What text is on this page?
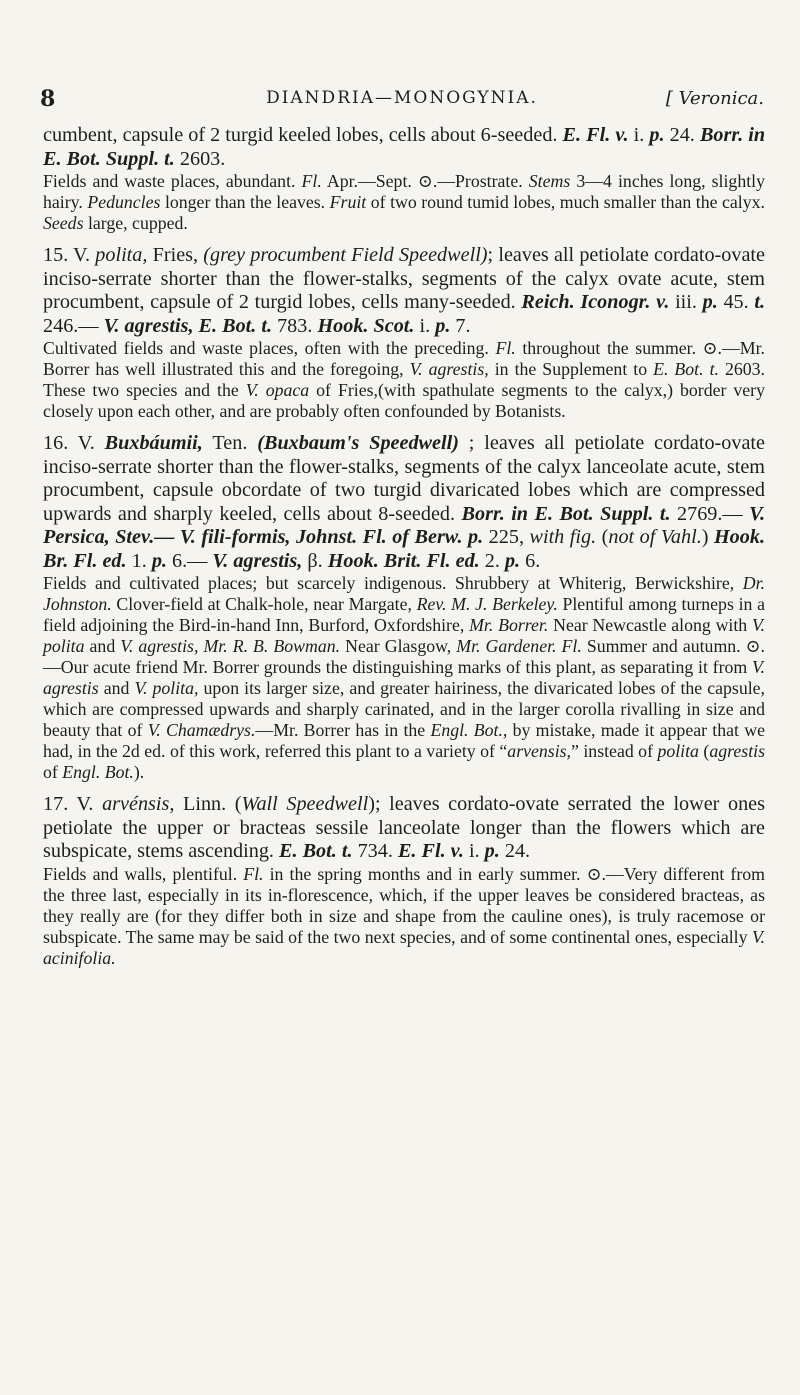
8	DIANDRIA—MONOGYNIA.	[ Veronica.

cumbent, capsule of 2 turgid keeled lobes, cells about 6-seeded. E. Fl. v. i. p. 24. Borr. in E. Bot. Suppl. t. 2603.

Fields and waste places, abundant. Fl. Apr.—Sept. ⊙.—Prostrate. Stems 3—4 inches long, slightly hairy. Peduncles longer than the leaves. Fruit of two round tumid lobes, much smaller than the calyx. Seeds large, cupped.

15. V. polita, Fries, (grey procumbent Field Speedwell); leaves all petiolate cordato-ovate inciso-serrate shorter than the flower-stalks, segments of the calyx ovate acute, stem procumbent, capsule of 2 turgid lobes, cells many-seeded. Reich. Iconogr. v. iii. p. 45. t. 246.— V. agrestis, E. Bot. t. 783. Hook. Scot. i. p. 7.

Cultivated fields and waste places, often with the preceding. Fl. throughout the summer. ⊙.—Mr. Borrer has well illustrated this and the foregoing, V. agrestis, in the Supplement to E. Bot. t. 2603. These two species and the V. opaca of Fries,(with spathulate segments to the calyx,) border very closely upon each other, and are probably often confounded by Botanists.

16. V. Buxbáumii, Ten. (Buxbaum's Speedwell) ; leaves all petiolate cordato-ovate inciso-serrate shorter than the flower-stalks, segments of the calyx lanceolate acute, stem procumbent, capsule obcordate of two turgid divaricated lobes which are compressed upwards and sharply keeled, cells about 8-seeded. Borr. in E. Bot. Suppl. t. 2769.— V. Persica, Stev.— V. fili-formis, Johnst. Fl. of Berw. p. 225, with fig. (not of Vahl.) Hook. Br. Fl. ed. 1. p. 6.— V. agrestis, β. Hook. Brit. Fl. ed. 2. p. 6.

Fields and cultivated places; but scarcely indigenous. Shrubbery at Whiterig, Berwickshire, Dr. Johnston. Clover-field at Chalk-hole, near Margate, Rev. M. J. Berkeley. Plentiful among turneps in a field adjoining the Bird-in-hand Inn, Burford, Oxfordshire, Mr. Borrer. Near Newcastle along with V. polita and V. agrestis, Mr. R. B. Bowman. Near Glasgow, Mr. Gardener. Fl. Summer and autumn. ⊙. —Our acute friend Mr. Borrer grounds the distinguishing marks of this plant, as separating it from V. agrestis and V. polita, upon its larger size, and greater hairiness, the divaricated lobes of the capsule, which are compressed upwards and sharply carinated, and in the larger corolla rivalling in size and beauty that of V. Chamædrys.—Mr. Borrer has in the Engl. Bot., by mistake, made it appear that we had, in the 2d ed. of this work, referred this plant to a variety of “arvensis,” instead of polita (agrestis of Engl. Bot.).

17. V. arvénsis, Linn. (Wall Speedwell); leaves cordato-ovate serrated the lower ones petiolate the upper or bracteas sessile lanceolate longer than the flowers which are subspicate, stems ascending. E. Bot. t. 734. E. Fl. v. i. p. 24.

Fields and walls, plentiful. Fl. in the spring months and in early summer. ⊙.—Very different from the three last, especially in its in-florescence, which, if the upper leaves be considered bracteas, as they really are (for they differ both in size and shape from the cauline ones), is truly racemose or subspicate. The same may be said of the two next species, and of some continental ones, especially V. acinifolia.
